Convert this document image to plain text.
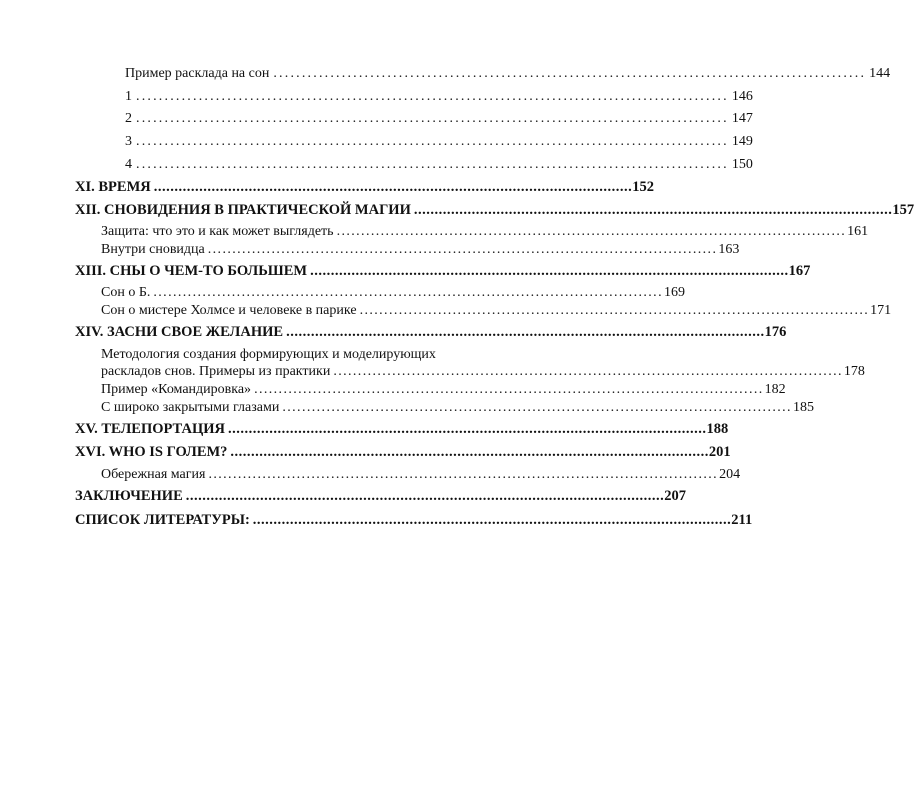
Пример расклада на сон ........................................................................................................ 144
1 ........................................................................................................ 146
2 ........................................................................................................ 147
3 ........................................................................................................ 149
4 ........................................................................................................ 150
XI. ВРЕМЯ .................................................................................................................... 152
XII. СНОВИДЕНИЯ В ПРАКТИЧЕСКОЙ МАГИИ .................................................................................................................... 157
Защита: что это и как может выглядеть ........................................................................................................ 161
Внутри сновидца ........................................................................................................ 163
XIII. СНЫ О ЧЕМ-ТО БОЛЬШЕМ .................................................................................................................... 167
Сон о Б. ........................................................................................................ 169
Сон о мистере Холмсе и человеке в парике ........................................................................................................ 171
XIV. ЗАСНИ СВОЕ ЖЕЛАНИЕ .................................................................................................................... 176
Методология создания формирующих и моделирующих
раскладов снов. Примеры из практики ........................................................................................................ 178
Пример «Командировка» ........................................................................................................ 182
С широко закрытыми глазами ........................................................................................................ 185
XV. ТЕЛЕПОРТАЦИЯ .................................................................................................................... 188
XVI. WHO IS ГОЛЕМ? .................................................................................................................... 201
Обережная магия ........................................................................................................ 204
ЗАКЛЮЧЕНИЕ .................................................................................................................... 207
СПИСОК ЛИТЕРАТУРЫ: .................................................................................................................... 211
